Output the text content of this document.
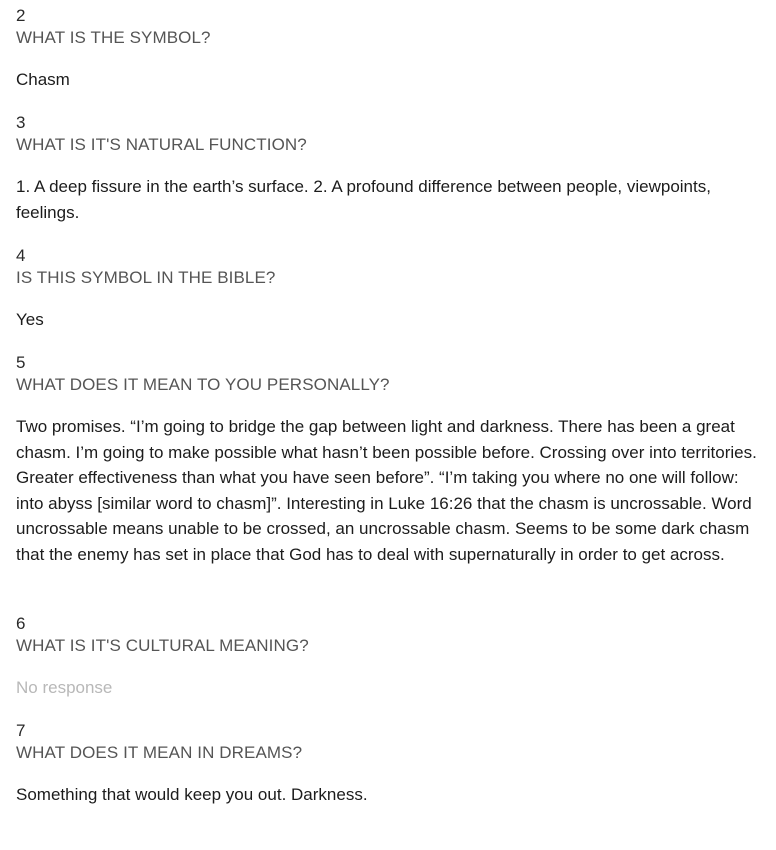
2

WHAT IS THE SYMBOL?

Chasm

3

WHAT IS IT'S NATURAL FUNCTION?

1. A deep fissure in the earth’s surface. 2. A profound difference between people, viewpoints, feelings.

4

IS THIS SYMBOL IN THE BIBLE?

Yes

5

WHAT DOES IT MEAN TO YOU PERSONALLY?

Two promises. “I’m going to bridge the gap between light and darkness. There has been a great chasm. I’m going to make possible what hasn’t been possible before. Crossing over into territories. Greater effectiveness than what you have seen before”. “I’m taking you where no one will follow: into abyss [similar word to chasm]”. Interesting in Luke 16:26 that the chasm is uncrossable. Word uncrossable means unable to be crossed, an uncrossable chasm. Seems to be some dark chasm that the enemy has set in place that God has to deal with supernaturally in order to get across.

6

WHAT IS IT'S CULTURAL MEANING?

No response

7

WHAT DOES IT MEAN IN DREAMS?

Something that would keep you out. Darkness.
